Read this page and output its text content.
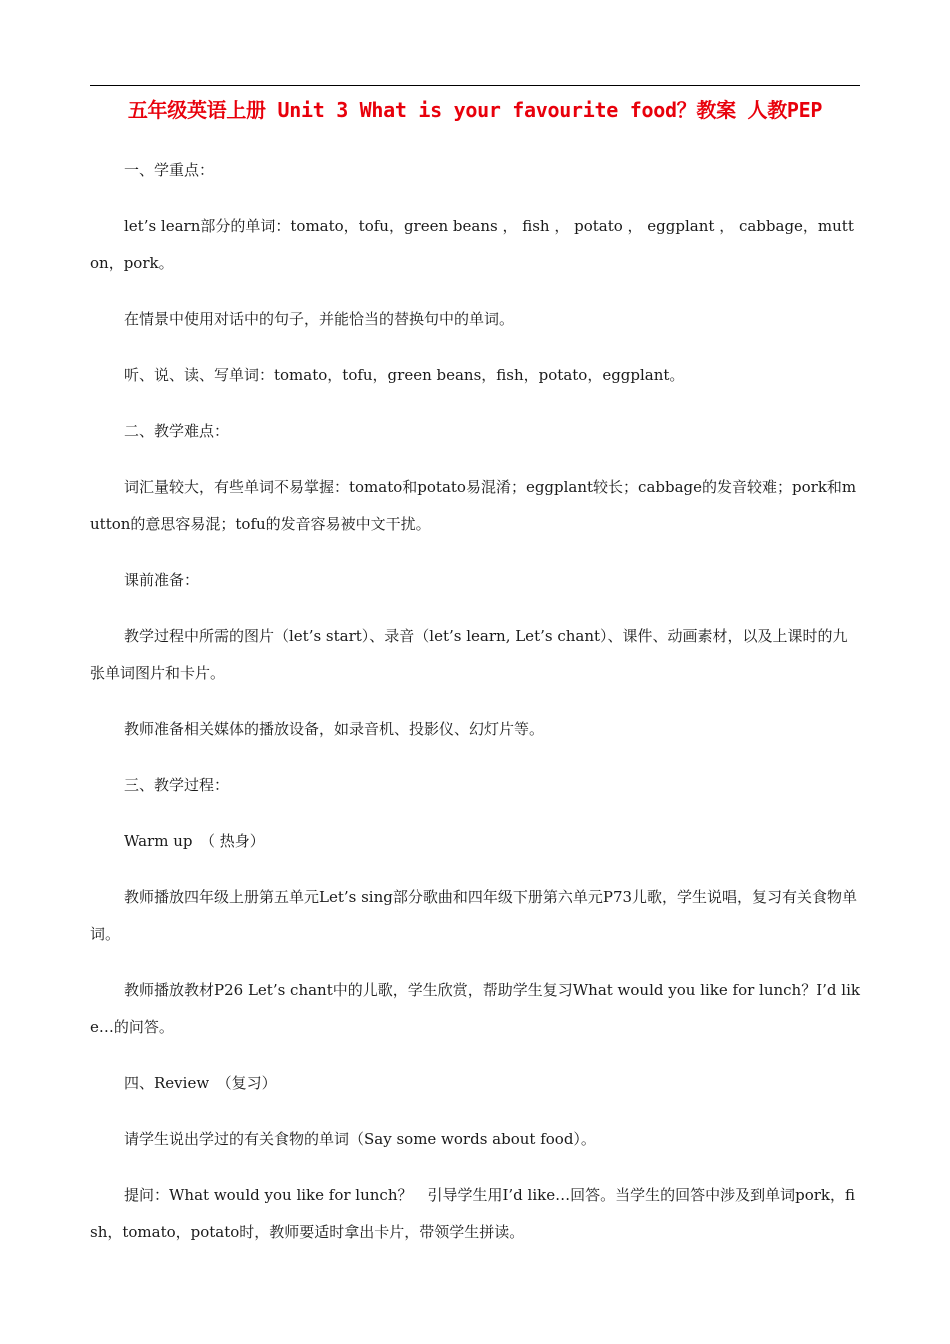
五年级英语上册 Unit 3 What is your favourite food？教案 人教PEP

一、学重点：

let’s learn部分的单词：tomato，tofu，green beans ， fish ， potato ， eggplant ， cabbage，mutton，pork。

在情景中使用对话中的句子，并能恰当的替换句中的单词。

听、说、读、写单词：tomato，tofu，green beans，fish，potato，eggplant。

二、教学难点：

词汇量较大，有些单词不易掌握：tomato和potato易混淆；eggplant较长；cabbage的发音较难；pork和mutton的意思容易混；tofu的发音容易被中文干扰。

课前准备：

教学过程中所需的图片（let’s start）、录音（let’s learn, Let’s chant）、课件、动画素材，以及上课时的九张单词图片和卡片。

教师准备相关媒体的播放设备，如录音机、投影仪、幻灯片等。

三、教学过程：

Warm up　（ 热身）

教师播放四年级上册第五单元Let’s sing部分歌曲和四年级下册第六单元P73儿歌，学生说唱，复习有关食物单词。

教师播放教材P26 Let’s chant中的儿歌，学生欣赏，帮助学生复习What would you like for lunch？I’d like…的问答。

四、Review　（复习）

请学生说出学过的有关食物的单词（Say some words about food）。

提问：What would you like for lunch？　引导学生用I’d like…回答。当学生的回答中涉及到单词pork，fish，tomato，potato时，教师要适时拿出卡片，带领学生拼读。
